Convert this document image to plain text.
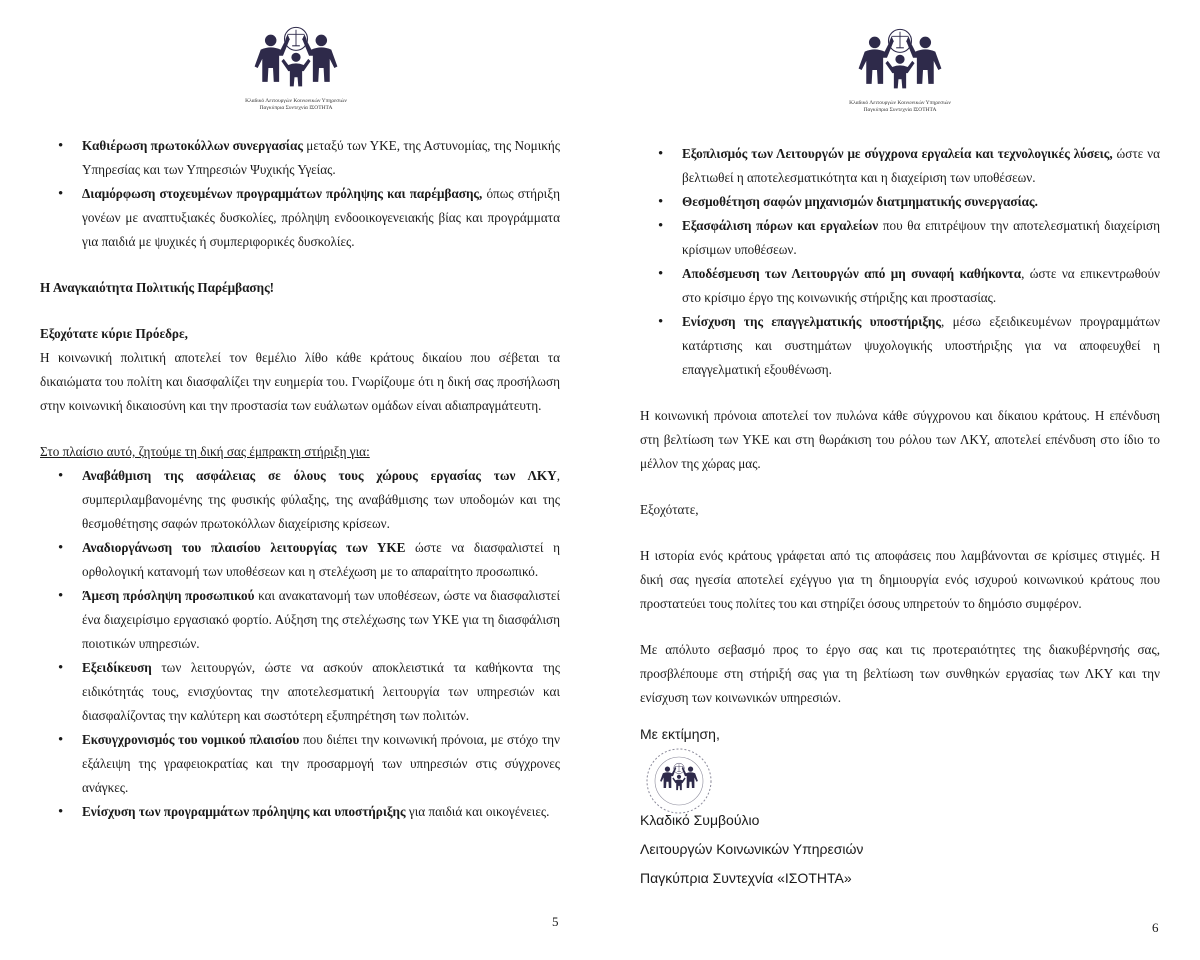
Κλαδικό Λειτουργών Κοινωνικών Υπηρεσιών
Παγκύπρια Συντεχνία ΙΣΟΤΗΤΑ
• Καθιέρωση πρωτοκόλλων συνεργασίας μεταξύ των ΥΚΕ, της Αστυνομίας, της Νομικής Υπηρεσίας και των Υπηρεσιών Ψυχικής Υγείας.
• Διαμόρφωση στοχευμένων προγραμμάτων πρόληψης και παρέμβασης, όπως στήριξη γονέων με αναπτυξιακές δυσκολίες, πρόληψη ενδοοικογενειακής βίας και προγράμματα για παιδιά με ψυχικές ή συμπεριφορικές δυσκολίες.

Η Αναγκαιότητα Πολιτικής Παρέμβασης!

Εξοχότατε κύριε Πρόεδρε,

Η κοινωνική πολιτική αποτελεί τον θεμέλιο λίθο κάθε κράτους δικαίου που σέβεται τα δικαιώματα του πολίτη και διασφαλίζει την ευημερία του. Γνωρίζουμε ότι η δική σας προσήλωση στην κοινωνική δικαιοσύνη και την προστασία των ευάλωτων ομάδων είναι αδιαπραγμάτευτη.

Στο πλαίσιο αυτό, ζητούμε τη δική σας έμπρακτη στήριξη για:

• Αναβάθμιση της ασφάλειας σε όλους τους χώρους εργασίας των ΛΚΥ, συμπεριλαμβανομένης της φυσικής φύλαξης, της αναβάθμισης των υποδομών και της θεσμοθέτησης σαφών πρωτοκόλλων διαχείρισης κρίσεων.
• Αναδιοργάνωση του πλαισίου λειτουργίας των ΥΚΕ ώστε να διασφαλιστεί η ορθολογική κατανομή των υποθέσεων και η στελέχωση με το απαραίτητο προσωπικό.
• Άμεση πρόσληψη προσωπικού και ανακατανομή των υποθέσεων, ώστε να διασφαλιστεί ένα διαχειρίσιμο εργασιακό φορτίο. Αύξηση της στελέχωσης των ΥΚΕ για τη διασφάλιση ποιοτικών υπηρεσιών.
• Εξειδίκευση των λειτουργών, ώστε να ασκούν αποκλειστικά τα καθήκοντα της ειδικότητάς τους, ενισχύοντας την αποτελεσματική λειτουργία των υπηρεσιών και διασφαλίζοντας την καλύτερη και σωστότερη εξυπηρέτηση των πολιτών.
• Εκσυγχρονισμός του νομικού πλαισίου που διέπει την κοινωνική πρόνοια, με στόχο την εξάλειψη της γραφειοκρατίας και την προσαρμογή των υπηρεσιών στις σύγχρονες ανάγκες.
• Ενίσχυση των προγραμμάτων πρόληψης και υποστήριξης για παιδιά και οικογένειες.
5
Κλαδικό Λειτουργών Κοινωνικών Υπηρεσιών
Παγκύπρια Συντεχνία ΙΣΟΤΗΤΑ
• Εξοπλισμός των Λειτουργών με σύγχρονα εργαλεία και τεχνολογικές λύσεις, ώστε να βελτιωθεί η αποτελεσματικότητα και η διαχείριση των υποθέσεων.
• Θεσμοθέτηση σαφών μηχανισμών διατμηματικής συνεργασίας.
• Εξασφάλιση πόρων και εργαλείων που θα επιτρέψουν την αποτελεσματική διαχείριση κρίσιμων υποθέσεων.
• Αποδέσμευση των Λειτουργών από μη συναφή καθήκοντα, ώστε να επικεντρωθούν στο κρίσιμο έργο της κοινωνικής στήριξης και προστασίας.
• Ενίσχυση της επαγγελματικής υποστήριξης, μέσω εξειδικευμένων προγραμμάτων κατάρτισης και συστημάτων ψυχολογικής υποστήριξης για να αποφευχθεί η επαγγελματική εξουθένωση.

Η κοινωνική πρόνοια αποτελεί τον πυλώνα κάθε σύγχρονου και δίκαιου κράτους. Η επένδυση στη βελτίωση των ΥΚΕ και στη θωράκιση του ρόλου των ΛΚΥ, αποτελεί επένδυση στο ίδιο το μέλλον της χώρας μας.

Εξοχότατε,

Η ιστορία ενός κράτους γράφεται από τις αποφάσεις που λαμβάνονται σε κρίσιμες στιγμές. Η δική σας ηγεσία αποτελεί εχέγγυο για τη δημιουργία ενός ισχυρού κοινωνικού κράτους που προστατεύει τους πολίτες του και στηρίζει όσους υπηρετούν το δημόσιο συμφέρον.

Με απόλυτο σεβασμό προς το έργο σας και τις προτεραιότητες της διακυβέρνησής σας, προσβλέπουμε στη στήριξή σας για τη βελτίωση των συνθηκών εργασίας των ΛΚΥ και την ενίσχυση των κοινωνικών υπηρεσιών.

Με εκτίμηση,
Κλαδικό Συμβούλιο
Λειτουργών Κοινωνικών Υπηρεσιών
Παγκύπρια Συντεχνία «ΙΣΟΤΗΤΑ»
6
